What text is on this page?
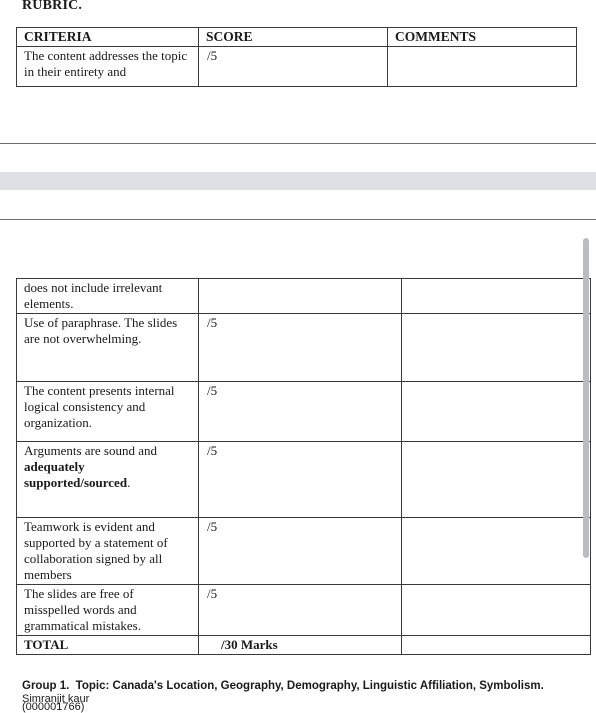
RUBRIC.
CRITERIA	SCORE	COMMENTS
The content addresses the topic in their entirety and	/5	
does not include irrelevant elements.		
Use of paraphrase. The slides are not overwhelming.	/5	
The content presents internal logical consistency and organization.	/5	
Arguments are sound and adequately supported/sourced.	/5	
Teamwork is evident and supported by a statement of collaboration signed by all members	/5	
The slides are free of misspelled words and grammatical mistakes.	/5	
TOTAL	/30 Marks	
Group 1. Topic: Canada's Location, Geography, Demography, Linguistic Affiliation, Symbolism.
Simranjit kaur (000001766)
